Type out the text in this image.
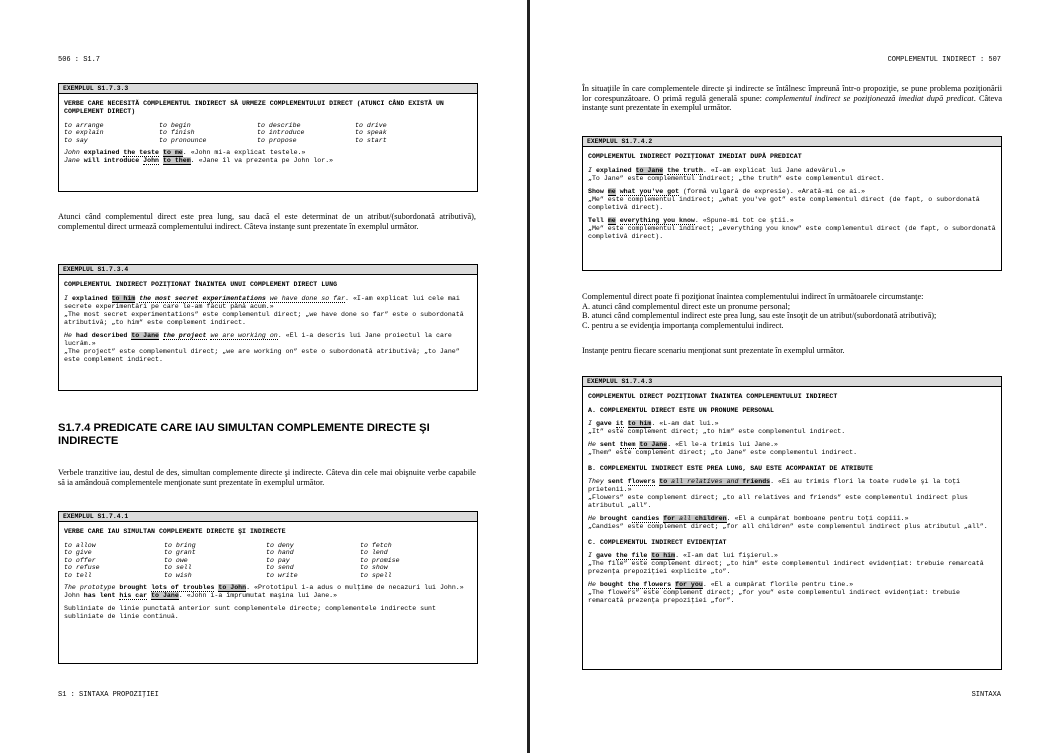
506 : S1.7
EXEMPLUL S1.7.3.3
VERBE CARE NECESITĂ COMPLEMENTUL INDIRECT SĂ URMEZE COMPLEMENTULUI DIRECT (ATUNCI CÂND EXISTĂ UN COMPLEMENT DIRECT)
to arrange	to begin	to describe	to drive
to explain	to finish	to introduce	to speak
to say	to pronounce	to propose	to start

John explained the teste to me. «John mi-a explicat testele.»

Jane will introduce John to them. «Jane îl va prezenta pe John lor.»

Atunci când complementul direct este prea lung, sau dacă el este determinat de un atribut/(subordonată atributivă), complementul direct urmează complementului indirect. Câteva instanţe sunt prezentate în exemplul următor.
EXEMPLUL S1.7.3.4
COMPLEMENTUL INDIRECT POZIŢIONAT ÎNAINTEA UNUI COMPLEMENT DIRECT LUNG

I explained to him the most secret experimentations we have done so far. «I-am explicat lui cele mai secrete experimentări pe care le-am făcut până acum.»

„The most secret experimentations” este complementul direct; „we have done so far” este o subordonată atributivă; „to him” este complement indirect.

He had described to Jane the project we are working on. «El i-a descris lui Jane proiectul la care lucrăm.»

„The project” este complementul direct; „we are working on” este o subordonată atributivă; „to Jane” este complement indirect.

S1.7.4 PREDICATE CARE IAU SIMULTAN COMPLEMENTE DIRECTE ŞI INDIRECTE
Verbele tranzitive iau, destul de des, simultan complemente directe şi indirecte. Câteva din cele mai obişnuite verbe capabile să ia amândouă complementele menţionate sunt prezentate în exemplul următor.
EXEMPLUL S1.7.4.1
VERBE CARE IAU SIMULTAN COMPLEMENTE DIRECTE ŞI INDIRECTE
to allow	to bring	to deny	to fetch
to give	to grant	to hand	to lend
to offer	to owe	to pay	to promise
to refuse	to sell	to send	to show
to tell	to wish	to write	to spell

The prototype brought lots of troubles to John. «Prototipul i-a adus o mulţime de necazuri lui John.»

John has lent his car to Jane. «John i-a împrumutat maşina lui Jane.»

Subliniate de linie punctată anterior sunt complementele directe; complementele indirecte sunt subliniate de linie continuă.

S1 : SINTAXA PROPOZIŢIEI
COMPLEMENTUL INDIRECT : 507
În situaţiile în care complementele directe şi indirecte se întâlnesc împreună într-o propoziţie, se pune problema poziţionării lor corespunzătoare. O primă regulă generală spune: complementul indirect se poziţionează imediat după predicat. Câteva instanţe sunt prezentate în exemplul următor.
EXEMPLUL S1.7.4.2
COMPLEMENTUL INDIRECT POZIŢIONAT IMEDIAT DUPĂ PREDICAT

I explained to Jane the truth. «I-am explicat lui Jane adevărul.»

„To Jane” este complementul indirect; „the truth” este complementul direct.

Show me what you've got (formă vulgară de expresie). «Arată-mi ce ai.»

„Me” este complementul indirect; „what you've got” este complementul direct (de fapt, o subordonată completivă direct).

Tell me everything you know. «Spune-mi tot ce ştii.»

„Me” este complementul indirect; „everything you know” este complementul direct (de fapt, o subordonată completivă direct).

Complementul direct poate fi poziţionat înaintea complementului indirect în următoarele circumstanţe:
A. atunci când complementul direct este un pronume personal;
B. atunci când complementul indirect este prea lung, sau este însoţit de un atribut/(subordonată atributivă);
C. pentru a se evidenţia importanţa complementului indirect.
Instanţe pentru fiecare scenariu menţionat sunt prezentate în exemplul următor.
EXEMPLUL S1.7.4.3
COMPLEMENTUL DIRECT POZIŢIONAT ÎNAINTEA COMPLEMENTULUI INDIRECT
A. COMPLEMENTUL DIRECT ESTE UN PRONUME PERSONAL

I gave it to him. «L-am dat lui.»

„It” este complement direct; „to him” este complementul indirect.

He sent them to Jane. «El le-a trimis lui Jane.»

„Them” este complement direct; „to Jane” este complementul indirect.

B. COMPLEMENTUL INDIRECT ESTE PREA LUNG, SAU ESTE ACOMPANIAT DE ATRIBUTE

They sent flowers to all relatives and friends. «Ei au trimis flori la toate rudele şi la toţi prietenii.»

„Flowers” este complement direct; „to all relatives and friends” este complementul indirect plus atributul „all”.

He brought candies for all children. «El a cumpărat bomboane pentru toţi copiii.»

„Candies” este complement direct; „for all children” este complementul indirect plus atributul „all”.

C. COMPLEMENTUL INDIRECT EVIDENŢIAT

I gave the file to him. «I-am dat lui fişierul.»

„The file” este complement direct; „to him” este complementul indirect evidenţiat: trebuie remarcată prezenţa prepoziţiei explicite „to”.

He bought the flowers for you. «El a cumpărat florile pentru tine.»

„The flowers” este complement direct; „for you” este complementul indirect evidenţiat: trebuie remarcată prezenţa prepoziţiei „for”.

SINTAXA
